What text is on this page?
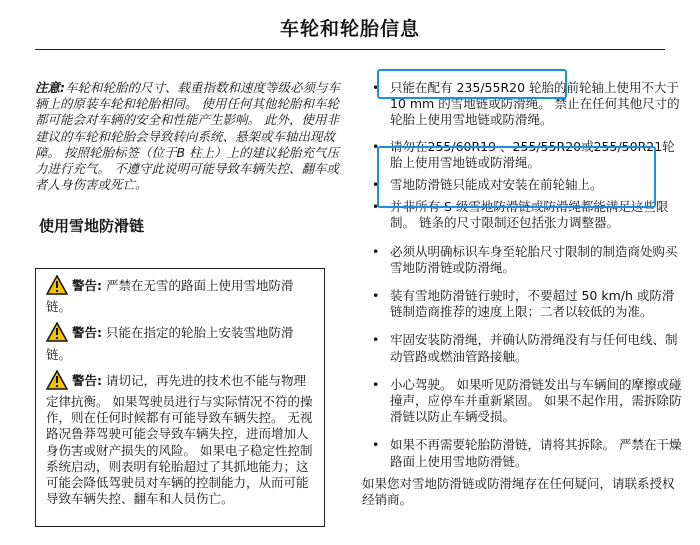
车轮和轮胎信息

注意:车轮和轮胎的尺寸、载重指数和速度等级必须与车辆上的原装车轮和轮胎相同。 使用任何其他轮胎和车轮都可能会对车辆的安全和性能产生影响。 此外，使用非建议的车轮和轮胎会导致转向系统、悬架或车轴出现故障。 按照轮胎标签（位于B 柱上）上的建议轮胎充气压力进行充气。 不遵守此说明可能导致车辆失控、翻车或者人身伤害或死亡。

使用雪地防滑链

警告: 严禁在无雪的路面上使用雪地防滑链。

警告: 只能在指定的轮胎上安装雪地防滑链。

警告: 请切记，再先进的技术也不能与物理定律抗衡。 如果驾驶员进行与实际情况不符的操作，则在任何时候都有可能导致车辆失控。 无视路况鲁莽驾驶可能会导致车辆失控，进而增加人身伤害或财产损失的风险。 如果电子稳定性控制系统启动，则表明有轮胎超过了其抓地能力；这可能会降低驾驶员对车辆的控制能力，从而可能导致车辆失控、翻车和人员伤亡。

• 只能在配有 235/55R20 轮胎的前轮轴上使用不大于 10 mm 的雪地链或防滑绳。 禁止在任何其他尺寸的轮胎上使用雪地链或防滑绳。

• 请勿在255/60R19 、255/55R20或255/50R21轮胎上使用雪地链或防滑绳。

• 雪地防滑链只能成对安装在前轮轴上。

• 并非所有 S 级雪地防滑链或防滑绳都能满足这些限制。 链条的尺寸限制还包括张力调整器。

• 必须从明确标识车身至轮胎尺寸限制的制造商处购买雪地防滑链或防滑绳。

• 装有雪地防滑链行驶时，不要超过 50 km/h 或防滑链制造商推荐的速度上限；二者以较低的为准。

• 牢固安装防滑绳，并确认防滑绳没有与任何电线、制动管路或燃油管路接触。

• 小心驾驶。 如果听见防滑链发出与车辆间的摩擦或碰撞声，应停车并重新紧固。 如果不起作用，需拆除防滑链以防止车辆受损。

• 如果不再需要轮胎防滑链，请将其拆除。 严禁在干燥路面上使用雪地防滑链。

如果您对雪地防滑链或防滑绳存在任何疑问，请联系授权经销商。
